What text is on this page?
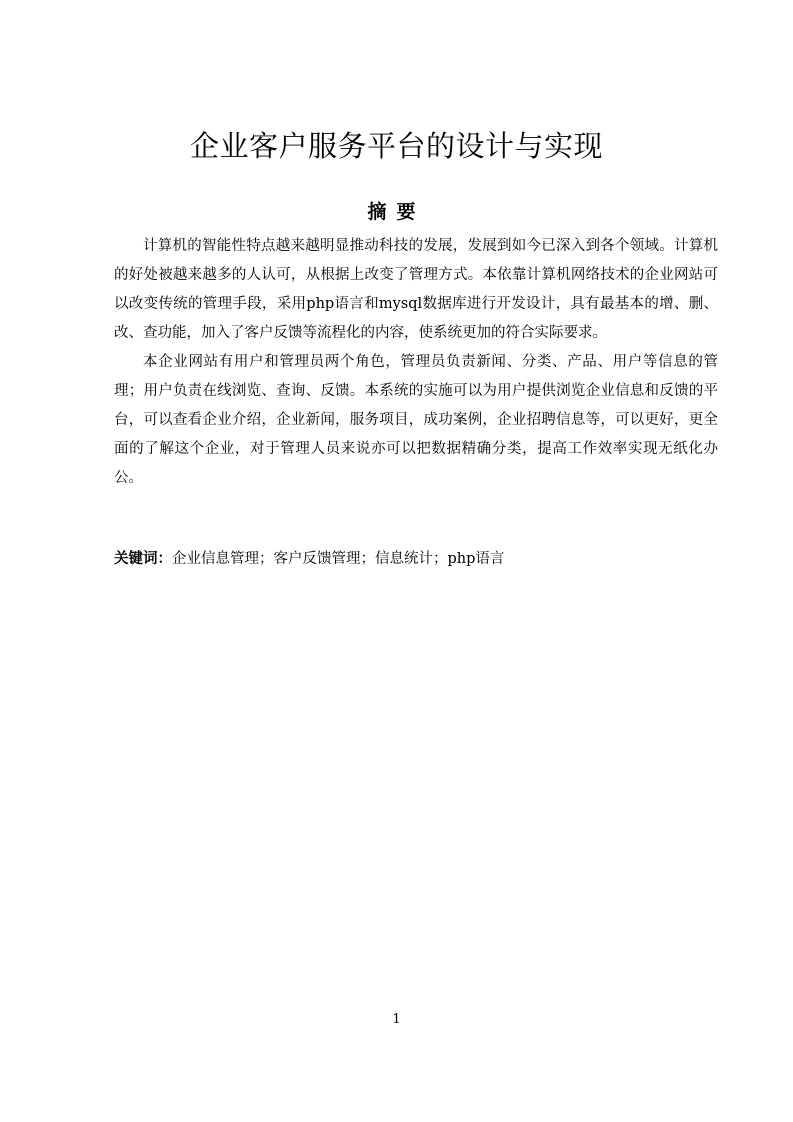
企业客户服务平台的设计与实现
摘要

计算机的智能性特点越来越明显推动科技的发展，发展到如今已深入到各个领域。计算机的好处被越来越多的人认可，从根据上改变了管理方式。本依靠计算机网络技术的企业网站可以改变传统的管理手段，采用php语言和mysql数据库进行开发设计，具有最基本的增、删、改、查功能，加入了客户反馈等流程化的内容，使系统更加的符合实际要求。

本企业网站有用户和管理员两个角色，管理员负责新闻、分类、产品、用户等信息的管理；用户负责在线浏览、查询、反馈。本系统的实施可以为用户提供浏览企业信息和反馈的平台，可以查看企业介绍，企业新闻，服务项目，成功案例，企业招聘信息等，可以更好，更全面的了解这个企业，对于管理人员来说亦可以把数据精确分类，提高工作效率实现无纸化办公。

关键词：企业信息管理；客户反馈管理；信息统计；php语言

1
